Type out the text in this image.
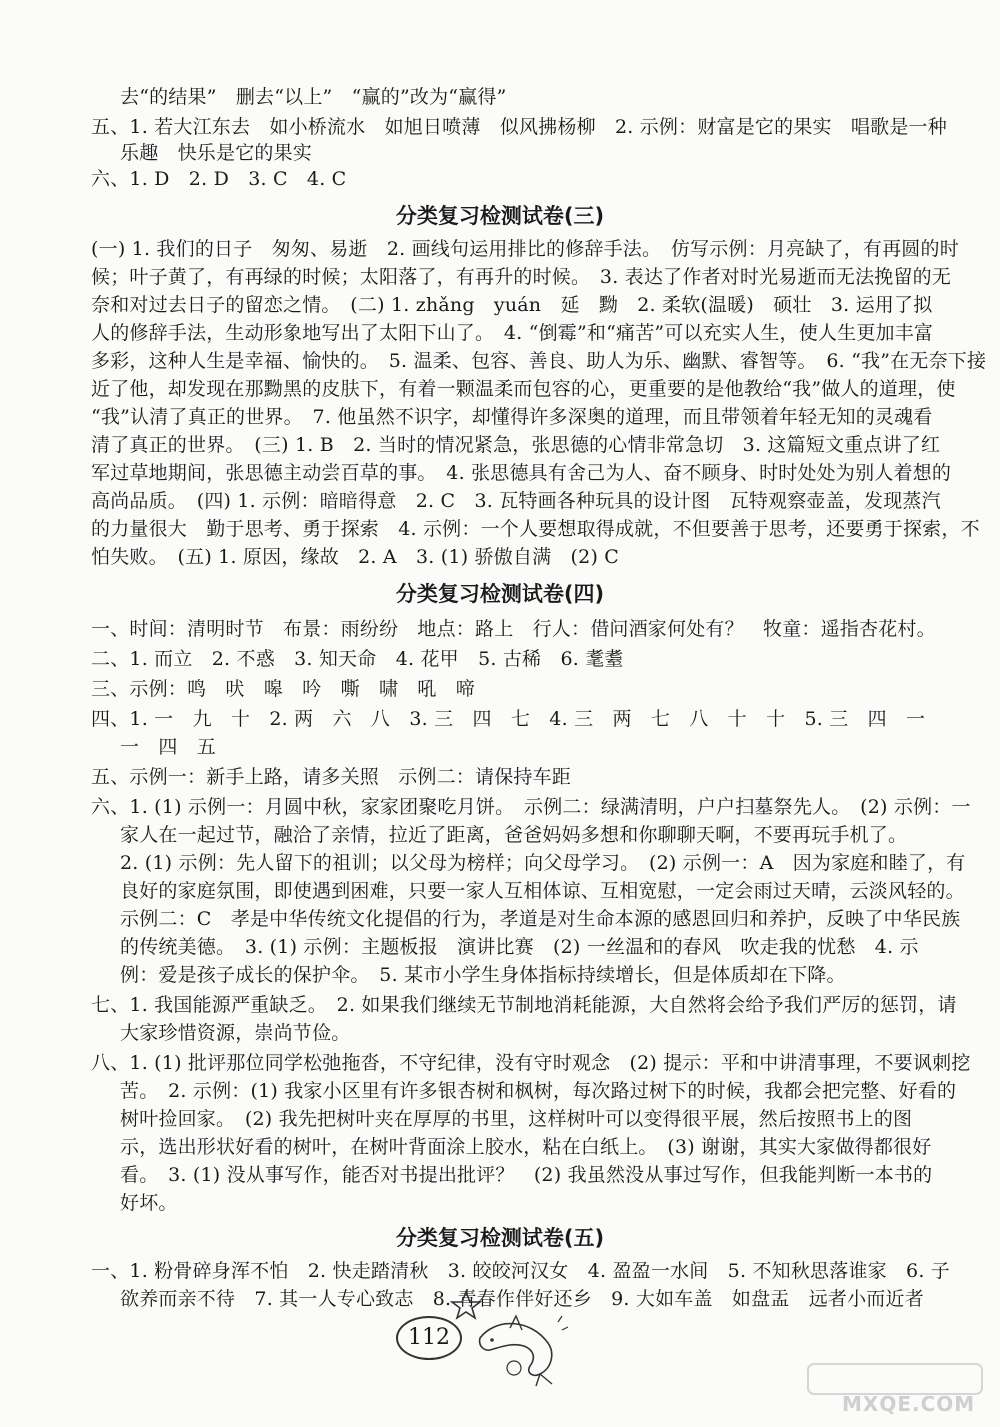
去“的结果”　删去“以上”　“赢的”改为“赢得”
五、1. 若大江东去　如小桥流水　如旭日喷薄　似风拂杨柳　2. 示例：财富是它的果实　唱歌是一种
乐趣　快乐是它的果实
六、1. D　2. D　3. C　4. C
分类复习检测试卷(三)
(一) 1. 我们的日子　匆匆、易逝　2. 画线句运用排比的修辞手法。　仿写示例：月亮缺了，有再圆的时
候；叶子黄了，有再绿的时候；太阳落了，有再升的时候。　3. 表达了作者对时光易逝而无法挽留的无
奈和对过去日子的留恋之情。　(二) 1. zhǎng　yuán　延　黝　2. 柔软(温暖)　硕壮　3. 运用了拟
人的修辞手法，生动形象地写出了太阳下山了。　4. “倒霉”和“痛苦”可以充实人生，使人生更加丰富
多彩，这种人生是幸福、愉快的。　5. 温柔、包容、善良、助人为乐、幽默、睿智等。　6. “我”在无奈下接
近了他，却发现在那黝黑的皮肤下，有着一颗温柔而包容的心，更重要的是他教给“我”做人的道理，使
“我”认清了真正的世界。　7. 他虽然不识字，却懂得许多深奥的道理，而且带领着年轻无知的灵魂看
清了真正的世界。　(三) 1. B　2. 当时的情况紧急，张思德的心情非常急切　3. 这篇短文重点讲了红
军过草地期间，张思德主动尝百草的事。　4. 张思德具有舍己为人、奋不顾身、时时处处为别人着想的
高尚品质。　(四) 1. 示例：暗暗得意　2. C　3. 瓦特画各种玩具的设计图　瓦特观察壶盖，发现蒸汽
的力量很大　勤于思考、勇于探索　4. 示例：一个人要想取得成就，不但要善于思考，还要勇于探索，不
怕失败。　(五) 1. 原因，缘故　2. A　3. (1) 骄傲自满　(2) C
分类复习检测试卷(四)
一、时间：清明时节　布景：雨纷纷　地点：路上　行人：借问酒家何处有？　牧童：遥指杏花村。
二、1. 而立　2. 不惑　3. 知天命　4. 花甲　5. 古稀　6. 耄耋
三、示例：鸣　吠　嗥　吟　嘶　啸　吼　啼
四、1. 一　九　十　2. 两　六　八　3. 三　四　七　4. 三　两　七　八　十　十　5. 三　四　一
一　四　五
五、示例一：新手上路，请多关照　示例二：请保持车距
六、1. (1) 示例一：月圆中秋，家家团聚吃月饼。　示例二：绿满清明，户户扫墓祭先人。　(2) 示例：一
家人在一起过节，融洽了亲情，拉近了距离，爸爸妈妈多想和你聊聊天啊，不要再玩手机了。
2. (1) 示例：先人留下的祖训；以父母为榜样；向父母学习。　(2) 示例一：A　因为家庭和睦了，有
良好的家庭氛围，即使遇到困难，只要一家人互相体谅、互相宽慰，一定会雨过天晴，云淡风轻的。
示例二：C　孝是中华传统文化提倡的行为，孝道是对生命本源的感恩回归和养护，反映了中华民族
的传统美德。　3. (1) 示例：主题板报　演讲比赛　(2) 一丝温和的春风　吹走我的忧愁　4. 示
例：爱是孩子成长的保护伞。　5. 某市小学生身体指标持续增长，但是体质却在下降。
七、1. 我国能源严重缺乏。　2. 如果我们继续无节制地消耗能源，大自然将会给予我们严厉的惩罚，请
大家珍惜资源，崇尚节俭。
八、1. (1) 批评那位同学松弛拖沓，不守纪律，没有守时观念　(2) 提示：平和中讲清事理，不要讽刺挖
苦。　2. 示例：(1) 我家小区里有许多银杏树和枫树，每次路过树下的时候，我都会把完整、好看的
树叶捡回家。　(2) 我先把树叶夹在厚厚的书里，这样树叶可以变得很平展，然后按照书上的图
示，选出形状好看的树叶，在树叶背面涂上胶水，粘在白纸上。　(3) 谢谢，其实大家做得都很好
看。　3. (1) 没从事写作，能否对书提出批评？　(2) 我虽然没从事过写作，但我能判断一本书的
好坏。
分类复习检测试卷(五)
一、1. 粉骨碎身浑不怕　2. 快走踏清秋　3. 皎皎河汉女　4. 盈盈一水间　5. 不知秋思落谁家　6. 子
欲养而亲不待　7. 其一人专心致志　8. 青春作伴好还乡　9. 大如车盖　如盘盂　远者小而近者
112
MXQE.COM
